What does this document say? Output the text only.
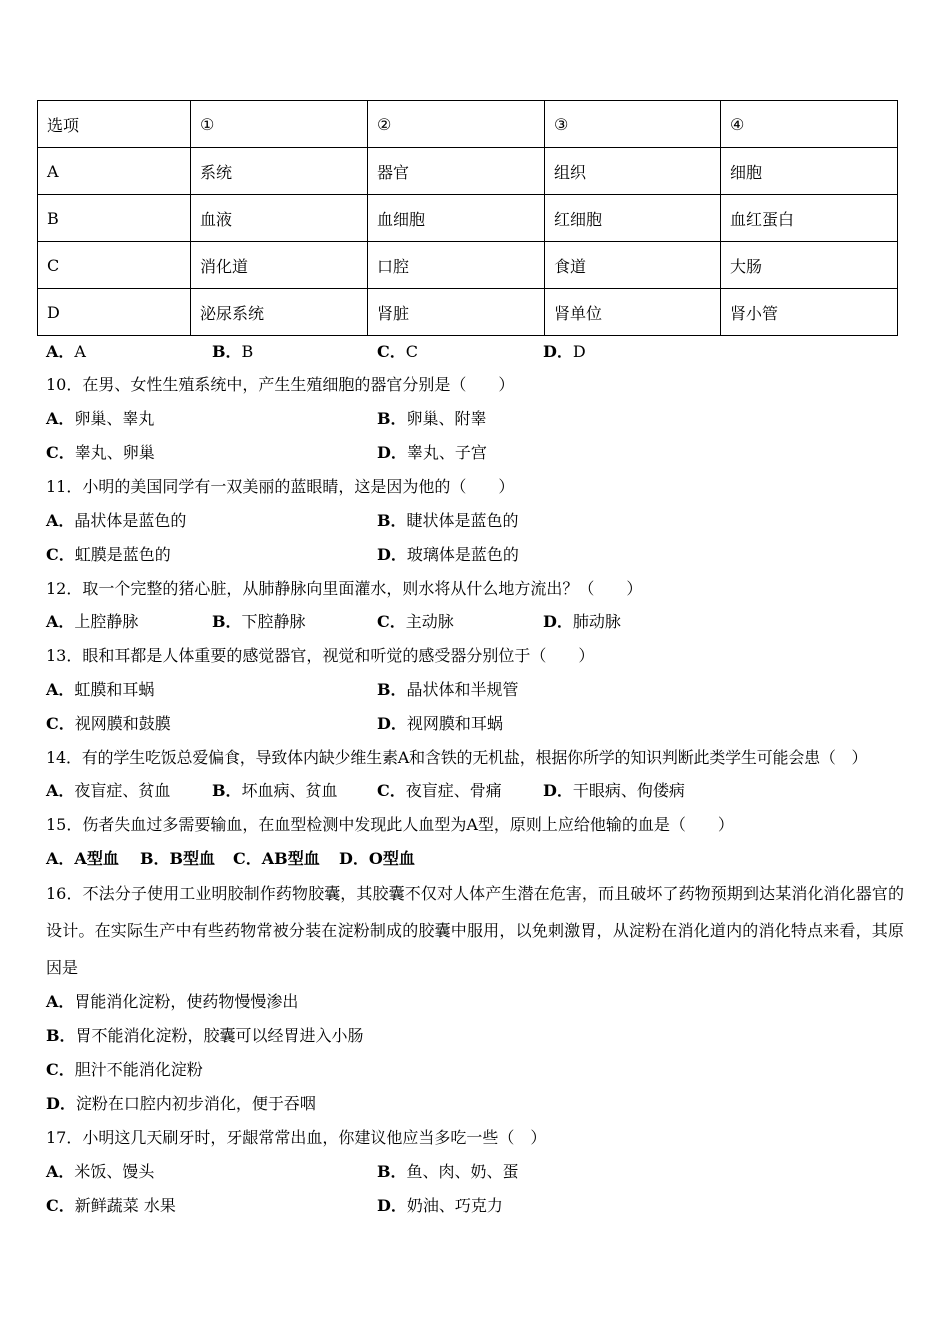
选项	①	②	③	④
A	系统	器官	组织	细胞
B	血液	血细胞	红细胞	血红蛋白
C	消化道	口腔	食道	大肠
D	泌尿系统	肾脏	肾单位	肾小管
A．A	B．B	C．C	D．D
10．在男、女性生殖系统中，产生生殖细胞的器官分别是（　　）
A．卵巢、睾丸	B．卵巢、附睾
C．睾丸、卵巢	D．睾丸、子宫
11．小明的美国同学有一双美丽的蓝眼睛，这是因为他的（　　）
A．晶状体是蓝色的	B．睫状体是蓝色的
C．虹膜是蓝色的	D．玻璃体是蓝色的
12．取一个完整的猪心脏，从肺静脉向里面灌水，则水将从什么地方流出？（　　）
A．上腔静脉	B．下腔静脉	C．主动脉	D．肺动脉
13．眼和耳都是人体重要的感觉器官，视觉和听觉的感受器分别位于（　　）
A．虹膜和耳蜗	B．晶状体和半规管
C．视网膜和鼓膜	D．视网膜和耳蜗
14．有的学生吃饭总爱偏食，导致体内缺少维生素A和含铁的无机盐，根据你所学的知识判断此类学生可能会患（　）
A．夜盲症、贫血	B．坏血病、贫血 C．夜盲症、骨痛	D．干眼病、佝偻病
15．伤者失血过多需要输血，在血型检测中发现此人血型为A型，原则上应给他输的血是（　　）
A．A型血 B．B型血 C．AB型血 D．O型血
16．不法分子使用工业明胶制作药物胶囊，其胶囊不仅对人体产生潜在危害，而且破坏了药物预期到达某消化消化器官的设计。在实际生产中有些药物常被分装在淀粉制成的胶囊中服用，以免刺激胃，从淀粉在消化道内的消化特点来看，其原因是
A．胃能消化淀粉，使药物慢慢渗出
B．胃不能消化淀粉，胶囊可以经胃进入小肠
C．胆汁不能消化淀粉
D．淀粉在口腔内初步消化，便于吞咽
17．小明这几天刷牙时，牙龈常常出血，你建议他应当多吃一些（　）
A．米饭、馒头	B．鱼、肉、奶、蛋
C．新鲜蔬菜 水果	D．奶油、巧克力
